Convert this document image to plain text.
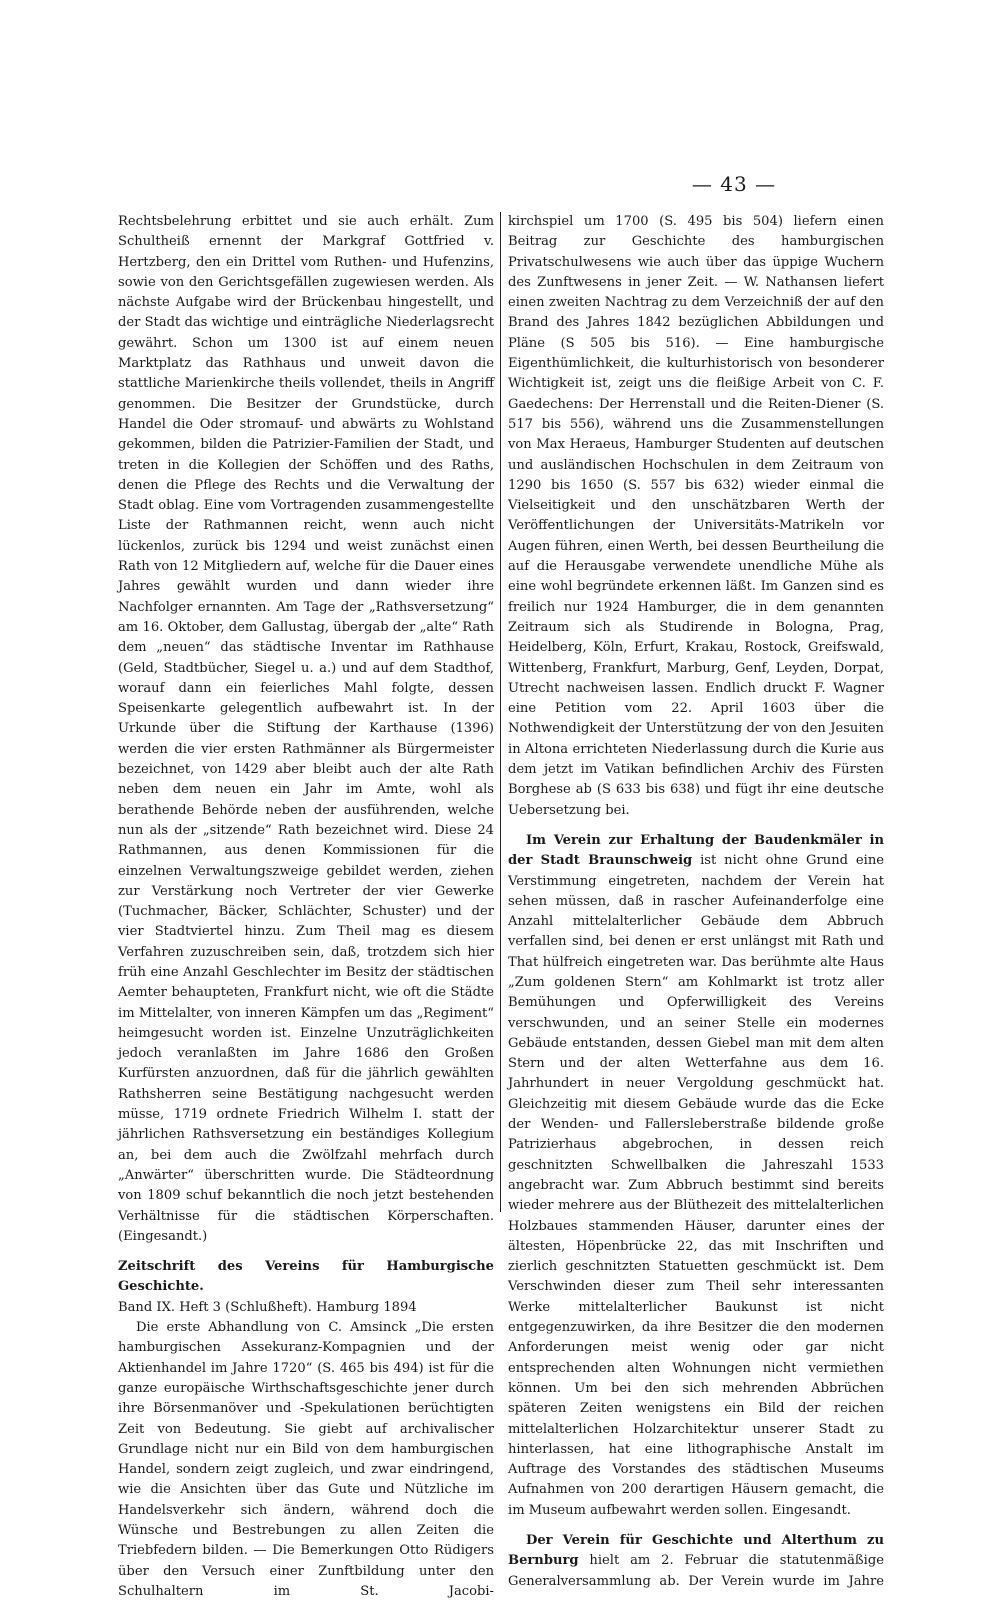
— 43 —

Rechtsbelehrung erbittet und sie auch erhält. Zum Schultheiß ernennt der Markgraf Gottfried v. Hertzberg, den ein Drittel vom Ruthen- und Hufenzins, sowie von den Gerichtsgefällen zugewiesen werden. Als nächste Aufgabe wird der Brückenbau hingestellt, und der Stadt das wichtige und einträgliche Niederlagsrecht gewährt. Schon um 1300 ist auf einem neuen Marktplatz das Rathhaus und unweit davon die stattliche Marienkirche theils vollendet, theils in Angriff genommen. Die Besitzer der Grundstücke, durch Handel die Oder stromauf- und abwärts zu Wohlstand gekommen, bilden die Patrizier-Familien der Stadt, und treten in die Kollegien der Schöffen und des Raths, denen die Pflege des Rechts und die Verwaltung der Stadt oblag. Eine vom Vortragenden zusammengestellte Liste der Rathmannen reicht, wenn auch nicht lückenlos, zurück bis 1294 und weist zunächst einen Rath von 12 Mitgliedern auf, welche für die Dauer eines Jahres gewählt wurden und dann wieder ihre Nachfolger ernannten. Am Tage der „Rathsversetzung“ am 16. Oktober, dem Gallustag, übergab der „alte“ Rath dem „neuen“ das städtische Inventar im Rathhause (Geld, Stadtbücher, Siegel u. a.) und auf dem Stadthof, worauf dann ein feierliches Mahl folgte, dessen Speisenkarte gelegentlich aufbewahrt ist. In der Urkunde über die Stiftung der Karthause (1396) werden die vier ersten Rathmänner als Bürgermeister bezeichnet, von 1429 aber bleibt auch der alte Rath neben dem neuen ein Jahr im Amte, wohl als berathende Behörde neben der ausführenden, welche nun als der „sitzende“ Rath bezeichnet wird. Diese 24 Rathmannen, aus denen Kommissionen für die einzelnen Verwaltungszweige gebildet werden, ziehen zur Verstärkung noch Vertreter der vier Gewerke (Tuchmacher, Bäcker, Schlächter, Schuster) und der vier Stadtviertel hinzu. Zum Theil mag es diesem Verfahren zuzuschreiben sein, daß, trotzdem sich hier früh eine Anzahl Geschlechter im Besitz der städtischen Aemter behaupteten, Frankfurt nicht, wie oft die Städte im Mittelalter, von inneren Kämpfen um das „Regiment“ heimgesucht worden ist. Einzelne Unzuträglichkeiten jedoch veranlaßten im Jahre 1686 den Großen Kurfürsten anzuordnen, daß für die jährlich gewählten Rathsherren seine Bestätigung nachgesucht werden müsse, 1719 ordnete Friedrich Wilhelm I. statt der jährlichen Rathsversetzung ein beständiges Kollegium an, bei dem auch die Zwölfzahl mehrfach durch „Anwärter“ überschritten wurde. Die Städteordnung von 1809 schuf bekanntlich die noch jetzt bestehenden Verhältnisse für die städtischen Körperschaften. (Eingesandt.)

Zeitschrift des Vereins für Hamburgische Geschichte.

Band IX. Heft 3 (Schlußheft). Hamburg 1894

Die erste Abhandlung von C. Amsinck „Die ersten hamburgischen Assekuranz-Kompagnien und der Aktienhandel im Jahre 1720“ (S. 465 bis 494) ist für die ganze europäische Wirthschaftsgeschichte jener durch ihre Börsenmanöver und -Spekulationen berüchtigten Zeit von Bedeutung. Sie giebt auf archivalischer Grundlage nicht nur ein Bild von dem hamburgischen Handel, sondern zeigt zugleich, und zwar eindringend, wie die Ansichten über das Gute und Nützliche im Handelsverkehr sich ändern, während doch die Wünsche und Bestrebungen zu allen Zeiten die Triebfedern bilden. — Die Bemerkungen Otto Rüdigers über den Versuch einer Zunftbildung unter den Schulhaltern im St. Jacobi-

kirchspiel um 1700 (S. 495 bis 504) liefern einen Beitrag zur Geschichte des hamburgischen Privatschulwesens wie auch über das üppige Wuchern des Zunftwesens in jener Zeit. — W. Nathansen liefert einen zweiten Nachtrag zu dem Verzeichniß der auf den Brand des Jahres 1842 bezüglichen Abbildungen und Pläne (S 505 bis 516). — Eine hamburgische Eigenthümlichkeit, die kulturhistorisch von besonderer Wichtigkeit ist, zeigt uns die fleißige Arbeit von C. F. Gaedechens: Der Herrenstall und die Reiten-Diener (S. 517 bis 556), während uns die Zusammenstellungen von Max Heraeus, Hamburger Studenten auf deutschen und ausländischen Hochschulen in dem Zeitraum von 1290 bis 1650 (S. 557 bis 632) wieder einmal die Vielseitigkeit und den unschätzbaren Werth der Veröffentlichungen der Universitäts-Matrikeln vor Augen führen, einen Werth, bei dessen Beurtheilung die auf die Herausgabe verwendete unendliche Mühe als eine wohl begründete erkennen läßt. Im Ganzen sind es freilich nur 1924 Hamburger, die in dem genannten Zeitraum sich als Studirende in Bologna, Prag, Heidelberg, Köln, Erfurt, Krakau, Rostock, Greifswald, Wittenberg, Frankfurt, Marburg, Genf, Leyden, Dorpat, Utrecht nachweisen lassen. Endlich druckt F. Wagner eine Petition vom 22. April 1603 über die Nothwendigkeit der Unterstützung der von den Jesuiten in Altona errichteten Niederlassung durch die Kurie aus dem jetzt im Vatikan befindlichen Archiv des Fürsten Borghese ab (S 633 bis 638) und fügt ihr eine deutsche Uebersetzung bei.

Im Verein zur Erhaltung der Baudenkmäler in der Stadt Braunschweig ist nicht ohne Grund eine Verstimmung eingetreten, nachdem der Verein hat sehen müssen, daß in rascher Aufeinanderfolge eine Anzahl mittelalterlicher Gebäude dem Abbruch verfallen sind, bei denen er erst unlängst mit Rath und That hülfreich eingetreten war. Das berühmte alte Haus „Zum goldenen Stern“ am Kohlmarkt ist trotz aller Bemühungen und Opferwilligkeit des Vereins verschwunden, und an seiner Stelle ein modernes Gebäude entstanden, dessen Giebel man mit dem alten Stern und der alten Wetterfahne aus dem 16. Jahrhundert in neuer Vergoldung geschmückt hat. Gleichzeitig mit diesem Gebäude wurde das die Ecke der Wenden- und Fallersleberstraße bildende große Patrizierhaus abgebrochen, in dessen reich geschnitzten Schwellbalken die Jahreszahl 1533 angebracht war. Zum Abbruch bestimmt sind bereits wieder mehrere aus der Blüthezeit des mittelalterlichen Holzbaues stammenden Häuser, darunter eines der ältesten, Höpenbrücke 22, das mit Inschriften und zierlich geschnitzten Statuetten geschmückt ist. Dem Verschwinden dieser zum Theil sehr interessanten Werke mittelalterlicher Baukunst ist nicht entgegenzuwirken, da ihre Besitzer die den modernen Anforderungen meist wenig oder gar nicht entsprechenden alten Wohnungen nicht vermiethen können. Um bei den sich mehrenden Abbrüchen späteren Zeiten wenigstens ein Bild der reichen mittelalterlichen Holzarchitektur unserer Stadt zu hinterlassen, hat eine lithographische Anstalt im Auftrage des Vorstandes des städtischen Museums Aufnahmen von 200 derartigen Häusern gemacht, die im Museum aufbewahrt werden sollen. Eingesandt.

Der Verein für Geschichte und Alterthum zu Bernburg hielt am 2. Februar die statutenmäßige Generalversammlung ab. Der Verein wurde im Jahre
